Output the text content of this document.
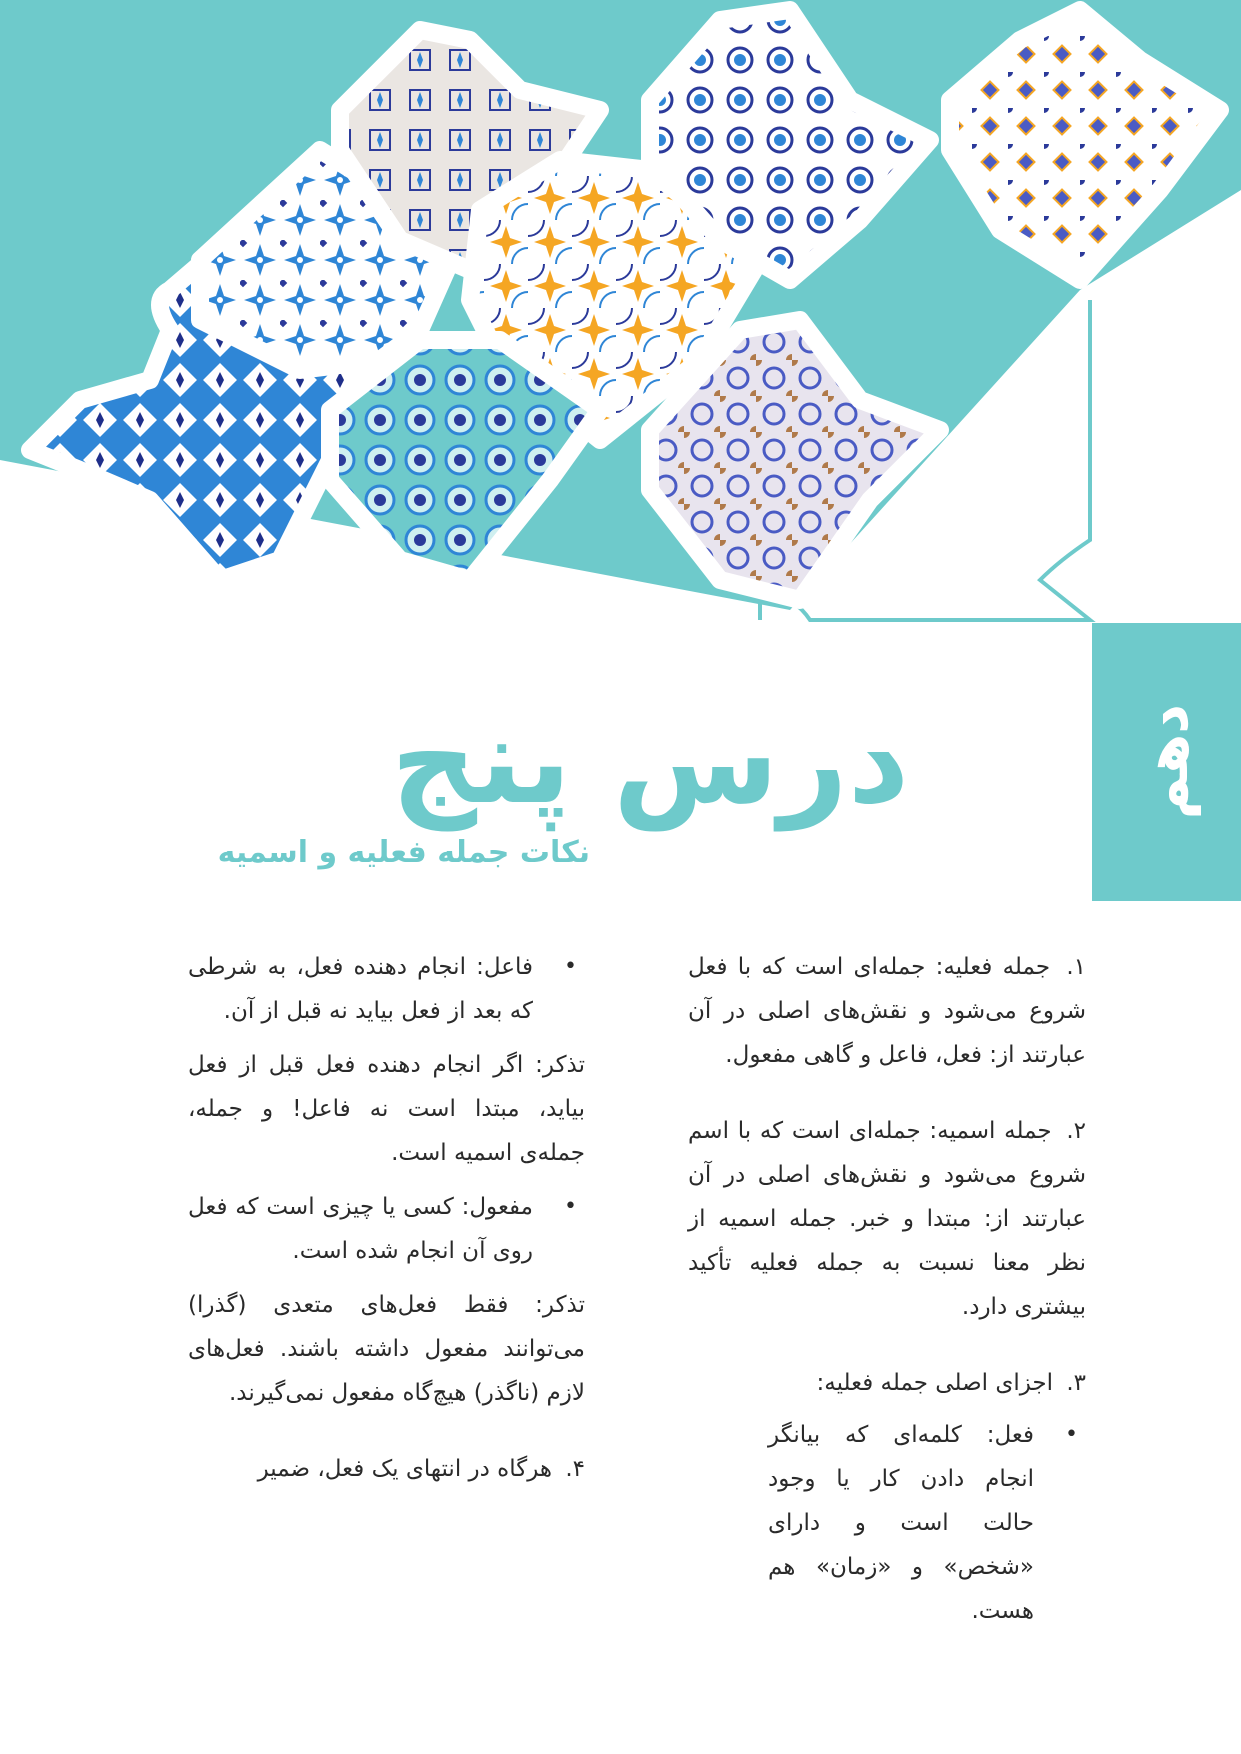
دهم
درس پنج
نکات جمله فعلیه و اسمیه
۱. جمله فعلیه: جمله‌ای است که با فعل شروع می‌شود و نقش‌های اصلی در آن عبارتند از: فعل، فاعل و گاهی مفعول.
۲. جمله اسمیه: جمله‌ای است که با اسم شروع می‌شود و نقش‌های اصلی در آن عبارتند از: مبتدا و خبر. جمله اسمیه از نظر معنا نسبت به جمله فعلیه تأکید بیشتری دارد.
۳. اجزای اصلی جمله فعلیه:
•
فعل: کلمه‌ای که بیانگر انجام دادن کار یا وجود حالت است و دارای «شخص» و «زمان» هم هست.
•
فاعل: انجام دهنده فعل، به شرطی که بعد از فعل بیاید نه قبل از آن.
تذکر: اگر انجام دهنده فعل قبل از فعل بیاید، مبتدا است نه فاعل! و جمله، جمله‌ی اسمیه است.
•
مفعول: کسی یا چیزی است که فعل روی آن انجام شده است.
تذکر: فقط فعل‌های متعدی (گذرا) می‌توانند مفعول داشته باشند. فعل‌های لازم (ناگذر) هیچ‌گاه مفعول نمی‌گیرند.
۴. هرگاه در انتهای یک فعل، ضمیر
